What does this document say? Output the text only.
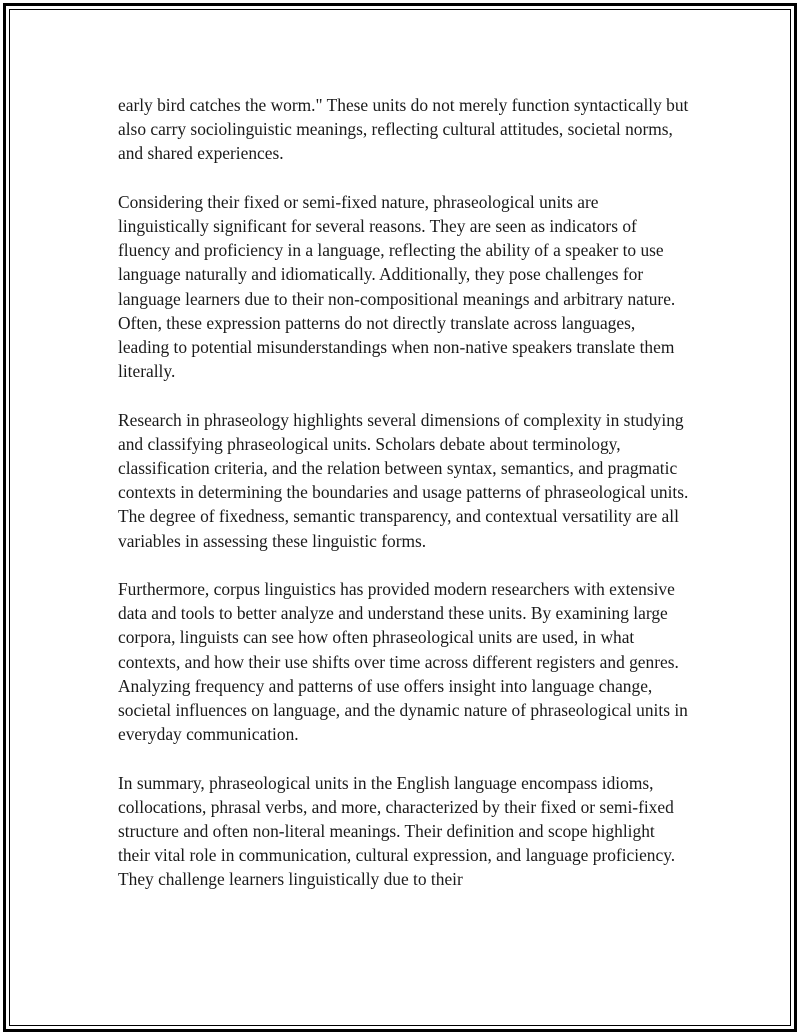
early bird catches the worm." These units do not merely function syntactically but also carry sociolinguistic meanings, reflecting cultural attitudes, societal norms, and shared experiences.

Considering their fixed or semi-fixed nature, phraseological units are linguistically significant for several reasons. They are seen as indicators of fluency and proficiency in a language, reflecting the ability of a speaker to use language naturally and idiomatically. Additionally, they pose challenges for language learners due to their non-compositional meanings and arbitrary nature. Often, these expression patterns do not directly translate across languages, leading to potential misunderstandings when non-native speakers translate them literally.

Research in phraseology highlights several dimensions of complexity in studying and classifying phraseological units. Scholars debate about terminology, classification criteria, and the relation between syntax, semantics, and pragmatic contexts in determining the boundaries and usage patterns of phraseological units. The degree of fixedness, semantic transparency, and contextual versatility are all variables in assessing these linguistic forms.

Furthermore, corpus linguistics has provided modern researchers with extensive data and tools to better analyze and understand these units. By examining large corpora, linguists can see how often phraseological units are used, in what contexts, and how their use shifts over time across different registers and genres. Analyzing frequency and patterns of use offers insight into language change, societal influences on language, and the dynamic nature of phraseological units in everyday communication.

In summary, phraseological units in the English language encompass idioms, collocations, phrasal verbs, and more, characterized by their fixed or semi-fixed structure and often non-literal meanings. Their definition and scope highlight their vital role in communication, cultural expression, and language proficiency. They challenge learners linguistically due to their
